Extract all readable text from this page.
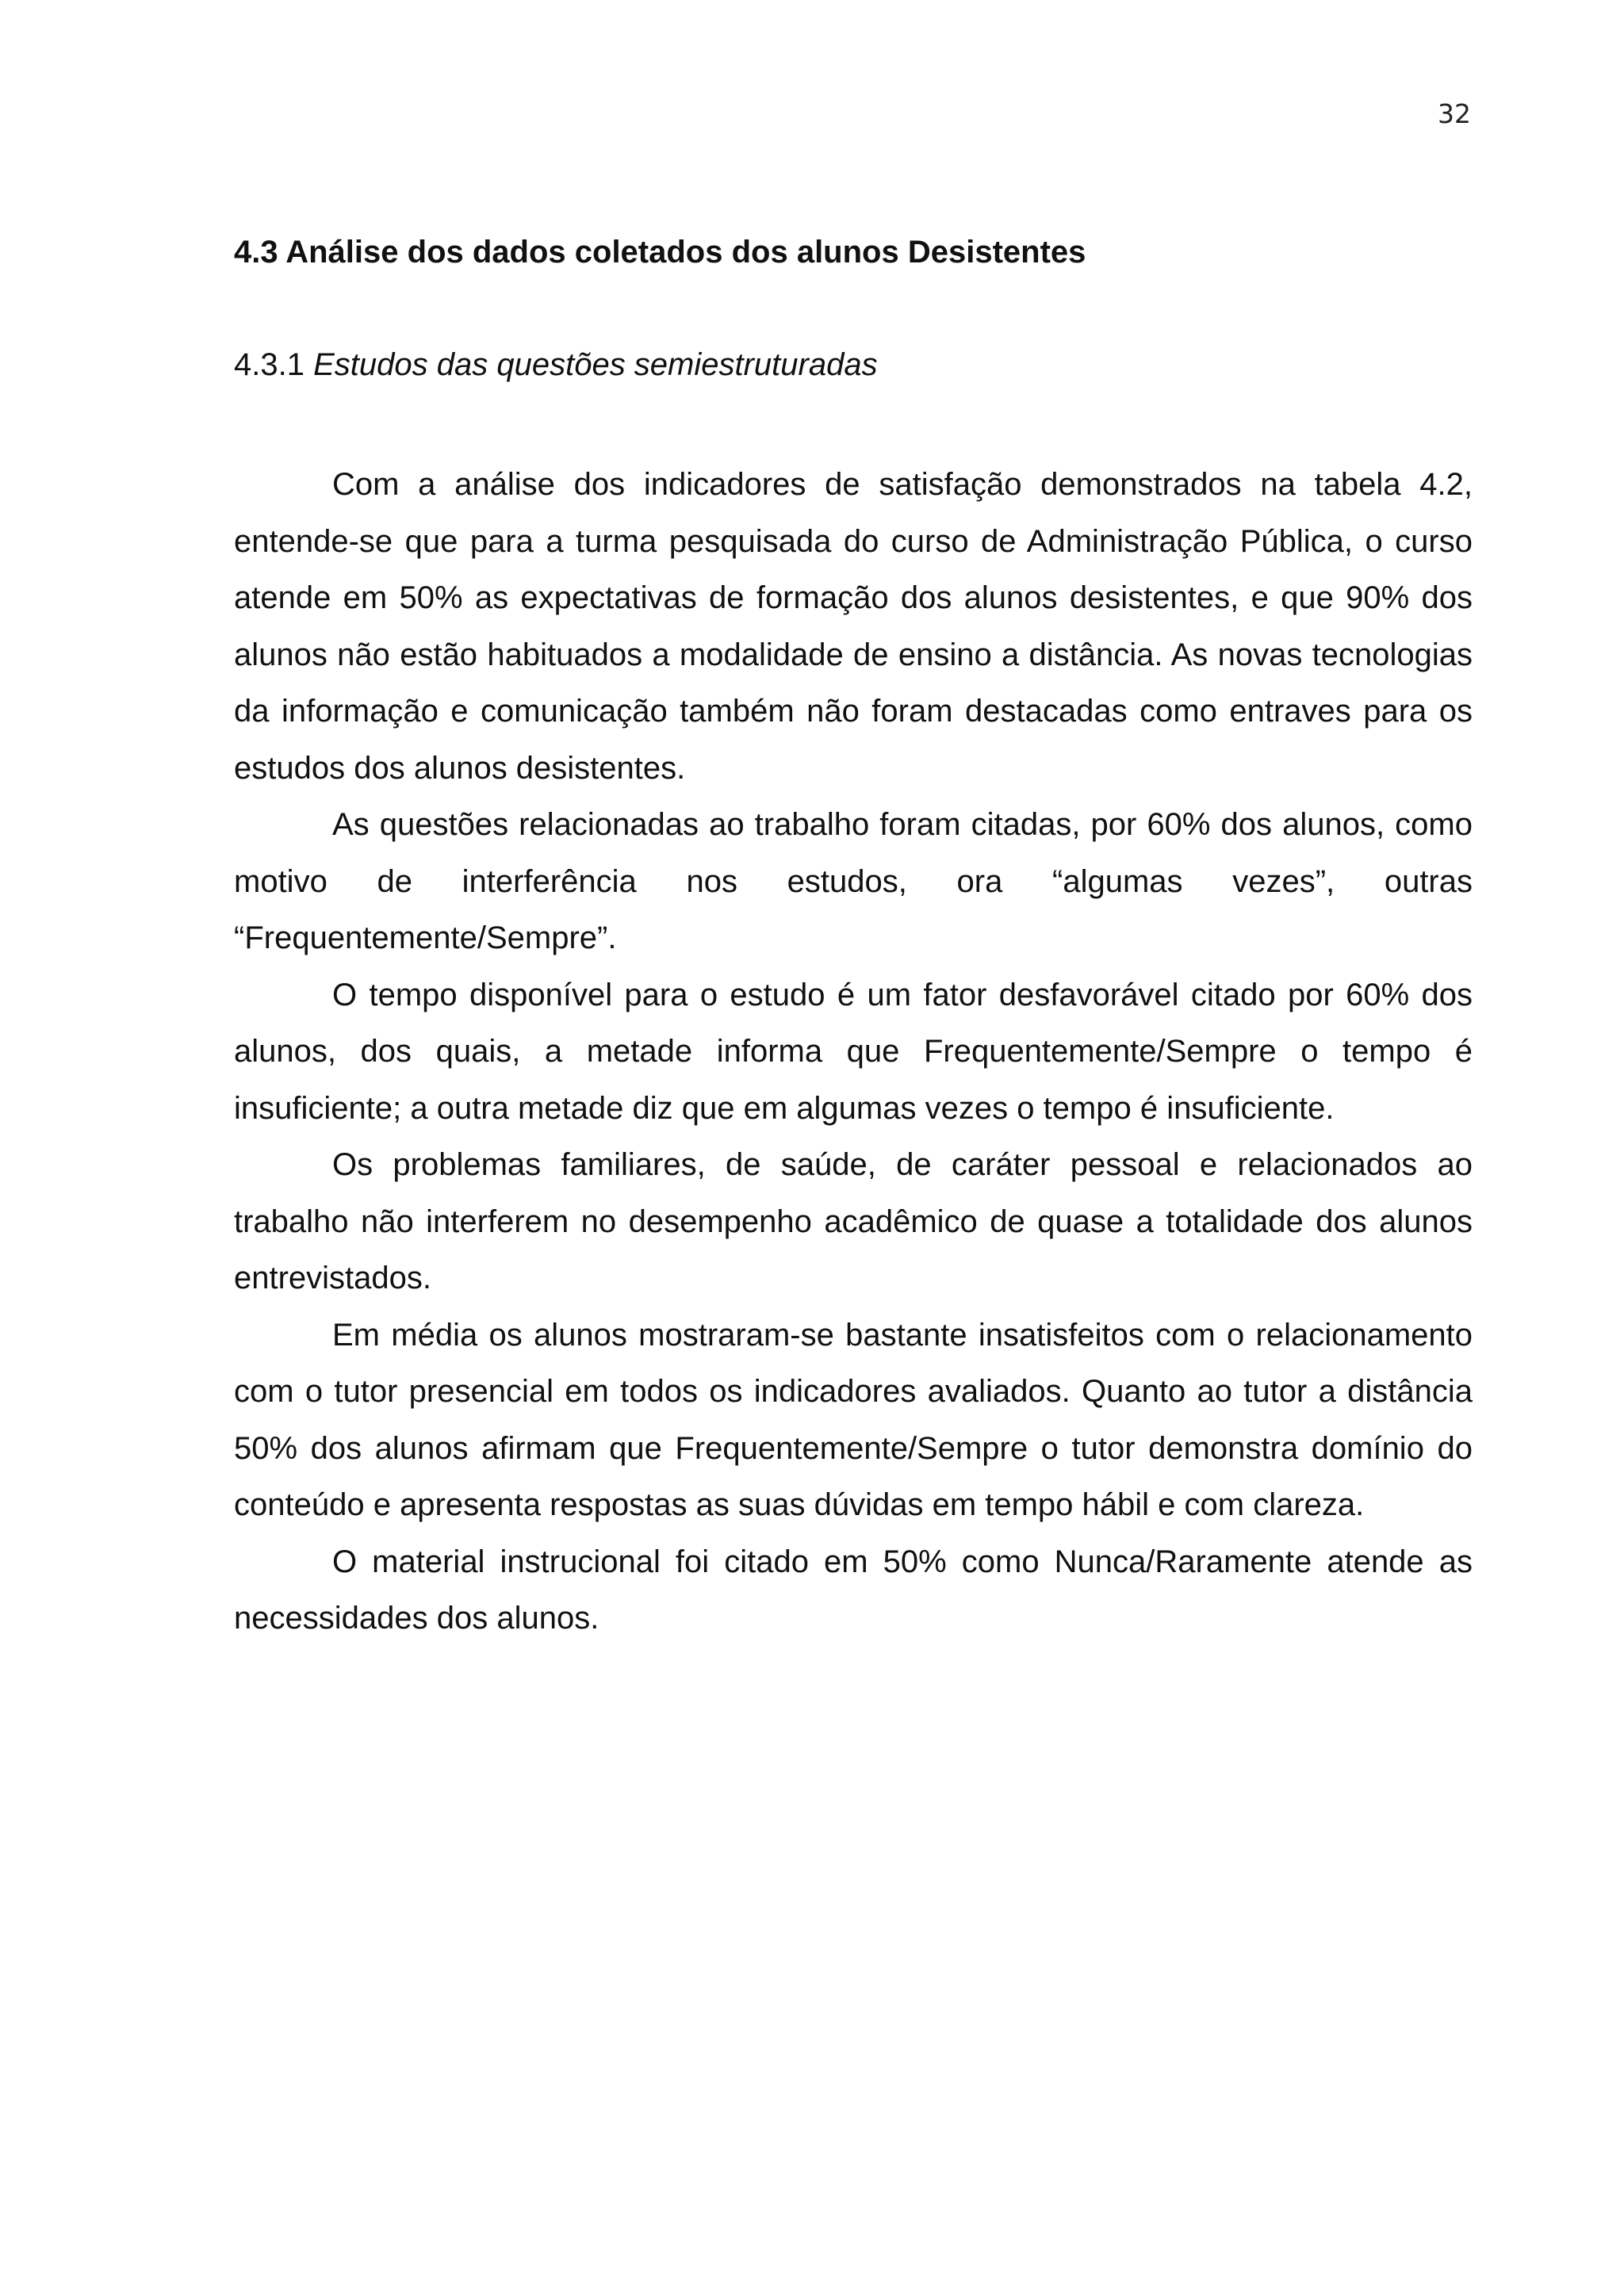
32
4.3 Análise dos dados coletados dos alunos Desistentes
4.3.1 Estudos das questões semiestruturadas

Com a análise dos indicadores de satisfação demonstrados na tabela 4.2, entende-se que para a turma pesquisada do curso de Administração Pública, o curso atende em 50% as expectativas de formação dos alunos desistentes, e que 90% dos alunos não estão habituados a modalidade de ensino a distância. As novas tecnologias da informação e comunicação também não foram destacadas como entraves para os estudos dos alunos desistentes.

As questões relacionadas ao trabalho foram citadas, por 60% dos alunos, como motivo de interferência nos estudos, ora “algumas vezes”, outras “Frequentemente/Sempre”.

O tempo disponível para o estudo é um fator desfavorável citado por 60% dos alunos, dos quais, a metade informa que Frequentemente/Sempre o tempo é insuficiente; a outra metade diz que em algumas vezes o tempo é insuficiente.

Os problemas familiares, de saúde, de caráter pessoal e relacionados ao trabalho não interferem no desempenho acadêmico de quase a totalidade dos alunos entrevistados.

Em média os alunos mostraram-se bastante insatisfeitos com o relacionamento com o tutor presencial em todos os indicadores avaliados. Quanto ao tutor a distância 50% dos alunos afirmam que Frequentemente/Sempre o tutor demonstra domínio do conteúdo e apresenta respostas as suas dúvidas em tempo hábil e com clareza.

O material instrucional foi citado em 50% como Nunca/Raramente atende as necessidades dos alunos.
